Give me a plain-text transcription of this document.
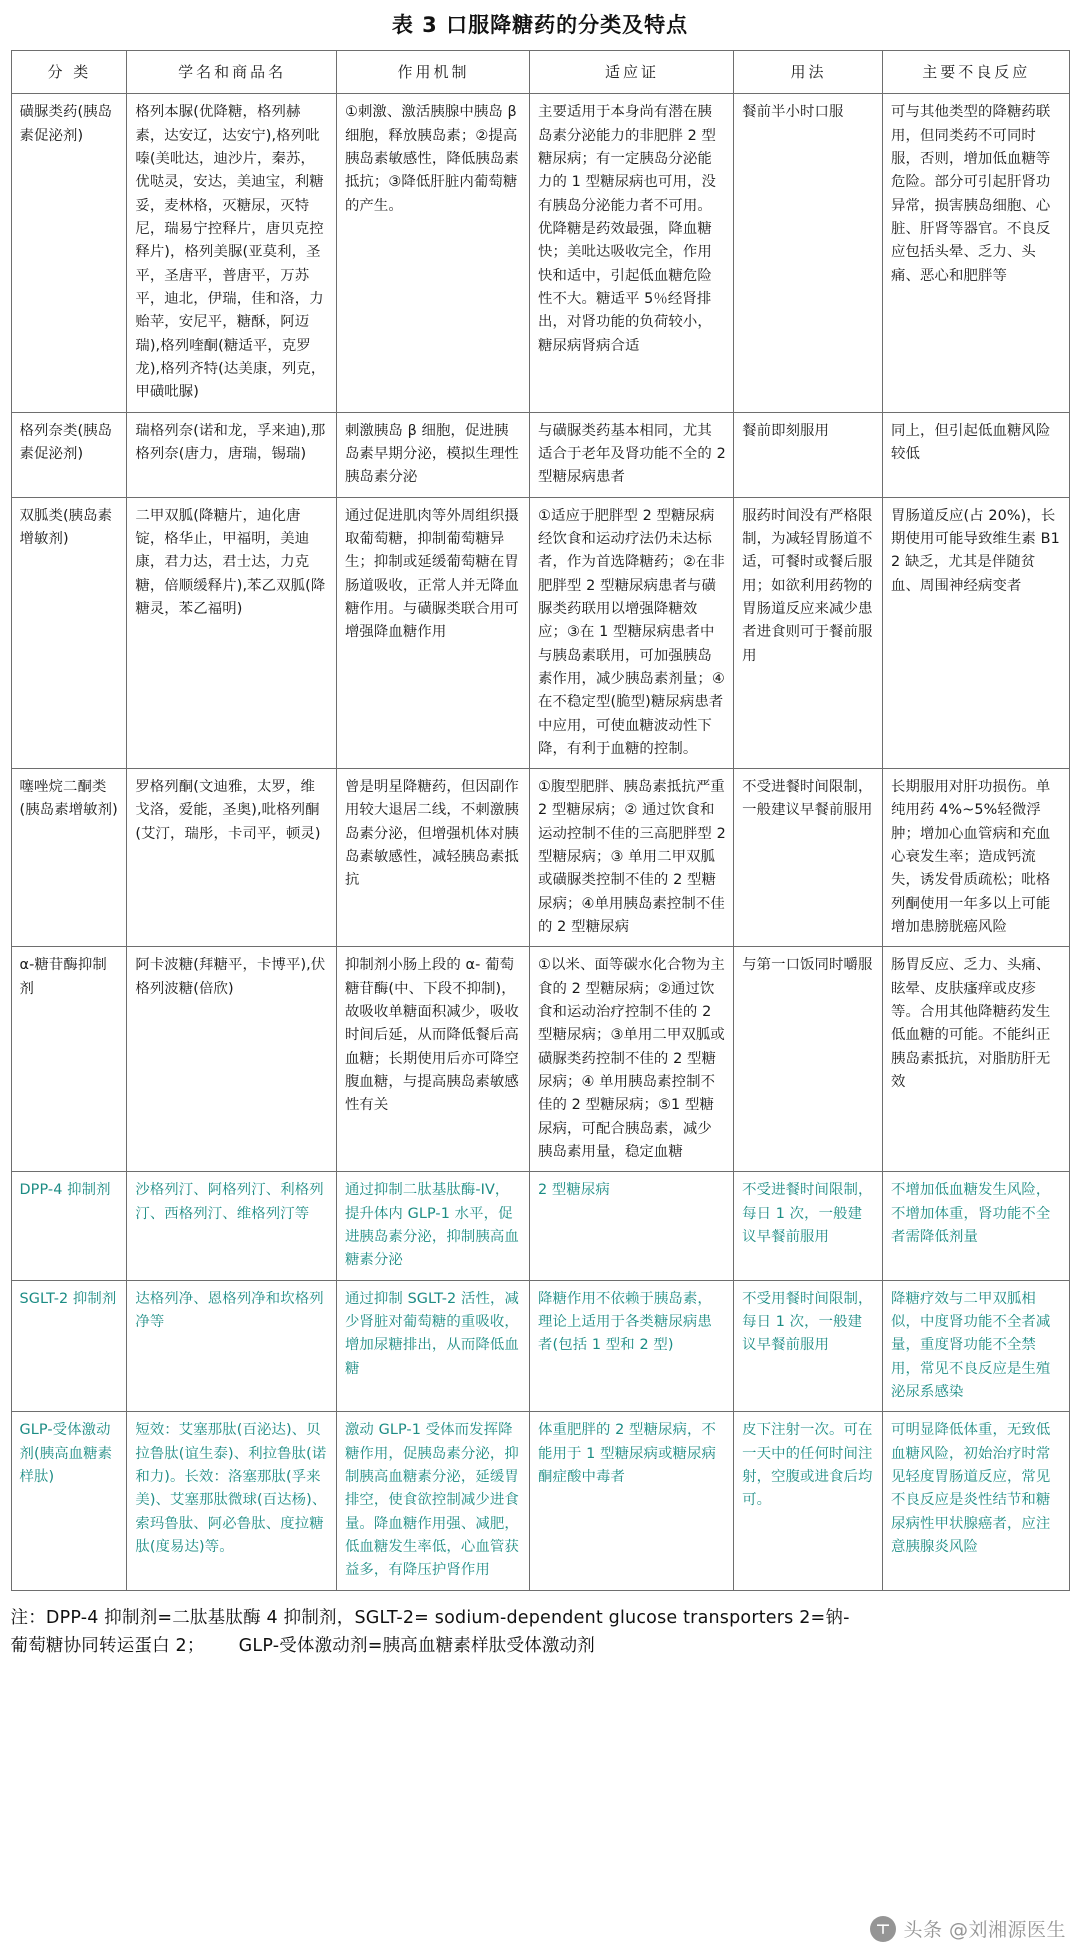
表 3 口服降糖药的分类及特点
分 类	学名和商品名	作用机制	适应证	用法	主要不良反应
磺脲类药(胰岛素促泌剂)	格列本脲(优降糖，格列赫素，达安辽，达安宁),格列吡嗪(美吡达，迪沙片，秦苏，优哒灵，安达，美迪宝，利糖妥，麦林格，灭糖尿，灭特尼，瑞易宁控释片，唐贝克控释片)，格列美脲(亚莫利，圣平，圣唐平，普唐平，万苏平，迪北，伊瑞，佳和洛，力贻苹，安尼平，糖酥，阿迈瑞),格列喹酮(糖适平，克罗龙),格列齐特(达美康，列克，甲磺吡脲)	①刺激、激活胰腺中胰岛 β 细胞，释放胰岛素；②提高胰岛素敏感性，降低胰岛素抵抗；③降低肝脏内葡萄糖的产生。	主要适用于本身尚有潜在胰岛素分泌能力的非肥胖 2 型糖尿病；有一定胰岛分泌能力的 1 型糖尿病也可用，没有胰岛分泌能力者不可用。优降糖是药效最强，降血糖快；美吡达吸收完全，作用快和适中，引起低血糖危险性不大。糖适平 5％经肾排出，对肾功能的负荷较小，糖尿病肾病合适	餐前半小时口服	可与其他类型的降糖药联用，但同类药不可同时服，否则，增加低血糖等危险。部分可引起肝肾功异常，损害胰岛细胞、心脏、肝肾等器官。不良反应包括头晕、乏力、头痛、恶心和肥胖等
格列奈类(胰岛素促泌剂)	瑞格列奈(诺和龙，孚来迪),那格列奈(唐力，唐瑞，锡瑞)	刺激胰岛 β 细胞，促进胰岛素早期分泌，模拟生理性胰岛素分泌	与磺脲类药基本相同，尤其适合于老年及肾功能不全的 2 型糖尿病患者	餐前即刻服用	同上，但引起低血糖风险较低
双胍类(胰岛素增敏剂)	二甲双胍(降糖片，迪化唐锭，格华止，甲福明，美迪康，君力达，君士达，力克糖，倍顺缓释片),苯乙双胍(降糖灵，苯乙福明)	通过促进肌肉等外周组织摄取葡萄糖，抑制葡萄糖异生；抑制或延缓葡萄糖在胃肠道吸收，正常人并无降血糖作用。与磺脲类联合用可增强降血糖作用	①适应于肥胖型 2 型糖尿病经饮食和运动疗法仍未达标者，作为首选降糖药；②在非肥胖型 2 型糖尿病患者与磺脲类药联用以增强降糖效应；③在 1 型糖尿病患者中与胰岛素联用，可加强胰岛素作用，减少胰岛素剂量；④在不稳定型(脆型)糖尿病患者中应用，可使血糖波动性下降，有利于血糖的控制。	服药时间没有严格限制，为减轻胃肠道不适，可餐时或餐后服用；如欲利用药物的胃肠道反应来减少患者进食则可于餐前服用	胃肠道反应(占 20%)，长期使用可能导致维生素 B12 缺乏，尤其是伴随贫血、周围神经病变者
噻唑烷二酮类(胰岛素增敏剂)	罗格列酮(文迪雅，太罗，维戈洛，爱能，圣奥),吡格列酮(艾汀，瑞彤，卡司平，顿灵)	曾是明星降糖药，但因副作用较大退居二线，不刺激胰岛素分泌，但增强机体对胰岛素敏感性，减轻胰岛素抵抗	①腹型肥胖、胰岛素抵抗严重 2 型糖尿病；② 通过饮食和运动控制不佳的三高肥胖型 2 型糖尿病；③ 单用二甲双胍或磺脲类控制不佳的 2 型糖尿病；④单用胰岛素控制不佳的 2 型糖尿病	不受进餐时间限制，一般建议早餐前服用	长期服用对肝功损伤。单纯用药 4%~5%轻微浮肿；增加心血管病和充血心衰发生率；造成钙流失，诱发骨质疏松；吡格列酮使用一年多以上可能增加患膀胱癌风险
α-糖苷酶抑制剂	阿卡波糖(拜糖平，卡博平),伏格列波糖(倍欣)	抑制剂小肠上段的 α- 葡萄糖苷酶(中、下段不抑制)，故吸收单糖面积减少，吸收时间后延，从而降低餐后高血糖；长期使用后亦可降空腹血糖，与提高胰岛素敏感性有关	①以米、面等碳水化合物为主食的 2 型糖尿病；②通过饮食和运动治疗控制不佳的 2 型糖尿病；③单用二甲双胍或磺脲类药控制不佳的 2 型糖尿病；④ 单用胰岛素控制不佳的 2 型糖尿病；⑤1 型糖尿病，可配合胰岛素，减少胰岛素用量，稳定血糖	与第一口饭同时嚼服	肠胃反应、乏力、头痛、眩晕、皮肤瘙痒或皮疹等。合用其他降糖药发生低血糖的可能。不能纠正胰岛素抵抗，对脂肪肝无效
DPP-4 抑制剂	沙格列汀、阿格列汀、利格列汀、西格列汀、维格列汀等	通过抑制二肽基肽酶-IV，提升体内 GLP-1 水平，促进胰岛素分泌，抑制胰高血糖素分泌	2 型糖尿病	不受进餐时间限制，每日 1 次，一般建议早餐前服用	不增加低血糖发生风险，不增加体重，肾功能不全者需降低剂量
SGLT-2 抑制剂	达格列净、恩格列净和坎格列净等	通过抑制 SGLT-2 活性，减少肾脏对葡萄糖的重吸收，增加尿糖排出，从而降低血糖	降糖作用不依赖于胰岛素，理论上适用于各类糖尿病患者(包括 1 型和 2 型)	不受用餐时间限制，每日 1 次，一般建议早餐前服用	降糖疗效与二甲双胍相似，中度肾功能不全者减量，重度肾功能不全禁用，常见不良反应是生殖泌尿系感染
GLP-受体激动剂(胰高血糖素样肽)	短效：艾塞那肽(百泌达)、贝拉鲁肽(谊生泰)、利拉鲁肽(诺和力)。长效：洛塞那肽(孚来美)、艾塞那肽微球(百达杨)、索玛鲁肽、阿必鲁肽、度拉糖肽(度易达)等。	激动 GLP-1 受体而发挥降糖作用，促胰岛素分泌，抑制胰高血糖素分泌，延缓胃排空，使食欲控制减少进食量。降血糖作用强、减肥，低血糖发生率低，心血管获益多，有降压护肾作用	体重肥胖的 2 型糖尿病，不能用于 1 型糖尿病或糖尿病酮症酸中毒者	皮下注射一次。可在一天中的任何时间注射，空腹或进食后均可。	可明显降低体重，无致低血糖风险，初始治疗时常见轻度胃肠道反应，常见不良反应是炎性结节和糖尿病性甲状腺癌者，应注意胰腺炎风险
注：DPP-4 抑制剂=二肽基肽酶 4 抑制剂，SGLT-2= sodium-dependent glucose transporters 2=钠-
葡萄糖协同转运蛋白 2； GLP-受体激动剂=胰高血糖素样肽受体激动剂
头条 @刘湘源医生
